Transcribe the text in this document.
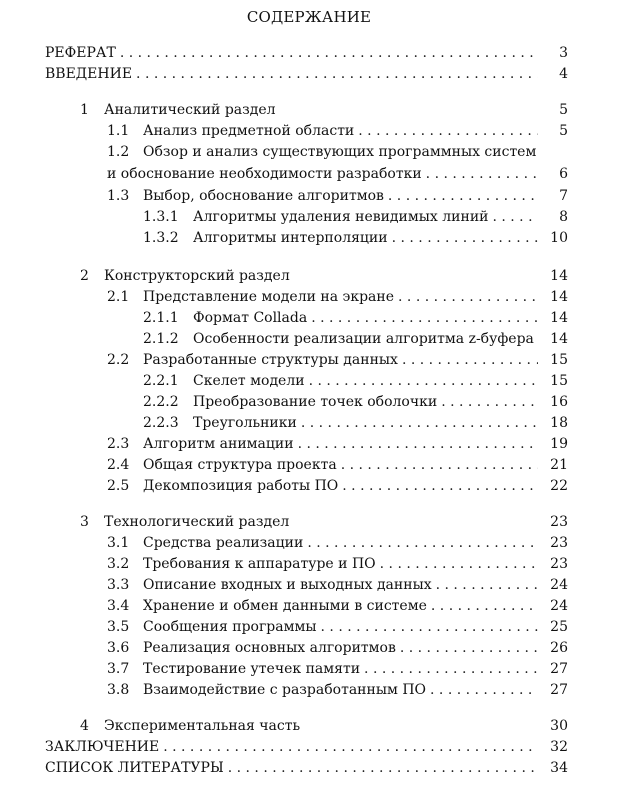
СОДЕРЖАНИЕ
РЕФЕРАТ . . .	3
ВВЕДЕНИЕ . . .	4
1	Аналитический раздел	5
1.1 Анализ предметной области . . .	5
1.2 Обзор и анализ существующих программных систем
и обоснование необходимости разработки . . .	6
1.3 Выбор, обоснование алгоритмов . . .	7
1.3.1	Алгоритмы удаления невидимых линий . . .	8
1.3.2	Алгоритмы интерполяции . . .	10
2	Конструкторский раздел	14
2.1 Представление модели на экране . . .	14
2.1.1	Формат Collada . . .	14
2.1.2	Особенности реализации алгоритма z-буфера . . . 14
2.2 Разработанные структуры данных . . .	15
2.2.1	Скелет модели . . .	15
2.2.2	Преобразование точек оболочки . . .	16
2.2.3	Треугольники . . .	18
2.3 Алгоритм анимации . . .	19
2.4 Общая структура проекта . . .	21
2.5 Декомпозиция работы ПО . . .	22
3	Технологический раздел	23
3.1 Средства реализации . . .	23
3.2 Требования к аппаратуре и ПО . . .	23
3.3 Описание входных и выходных данных . . .	24
3.4 Хранение и обмен данными в системе . . .	24
3.5 Сообщения программы . . .	25
3.6 Реализация основных алгоритмов . . .	26
3.7 Тестирование утечек памяти . . .	27
3.8 Взаимодействие с разработанным ПО . . .	27
4	Экспериментальная часть	30
ЗАКЛЮЧЕНИЕ . . .	32
СПИСОК ЛИТЕРАТУРЫ . . .	34
